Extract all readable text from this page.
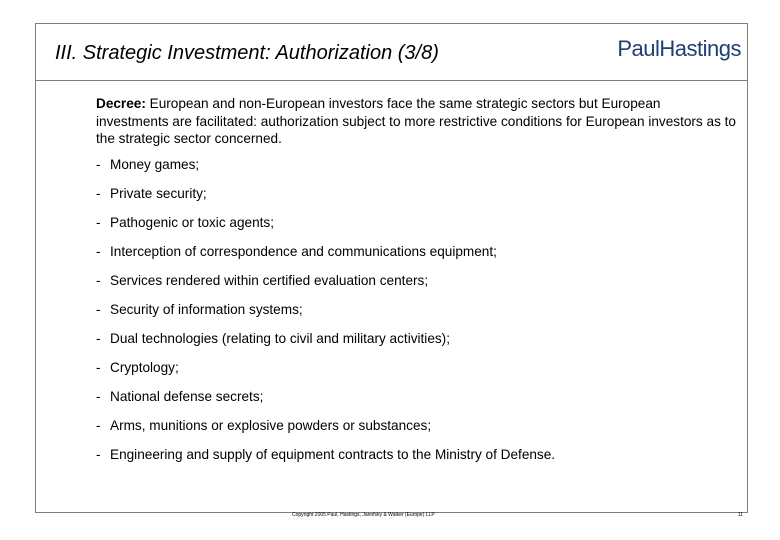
III. Strategic Investment: Authorization (3/8)	PaulHastings

Decree: European and non-European investors face the same strategic sectors but European investments are facilitated: authorization subject to more restrictive conditions for European investors as to the strategic sector concerned.

- Money games;
- Private security;
- Pathogenic or toxic agents;
- Interception of correspondence and communications equipment;
- Services rendered within certified evaluation centers;
- Security of information systems;
- Dual technologies (relating to civil and military activities);
- Cryptology;
- National defense secrets;
- Arms, munitions or explosive powders or substances;
- Engineering and supply of equipment contracts to the Ministry of Defense.
Copyright 2005 Paul, Hastings, Janofsky & Walker (Europe) LLP	11
